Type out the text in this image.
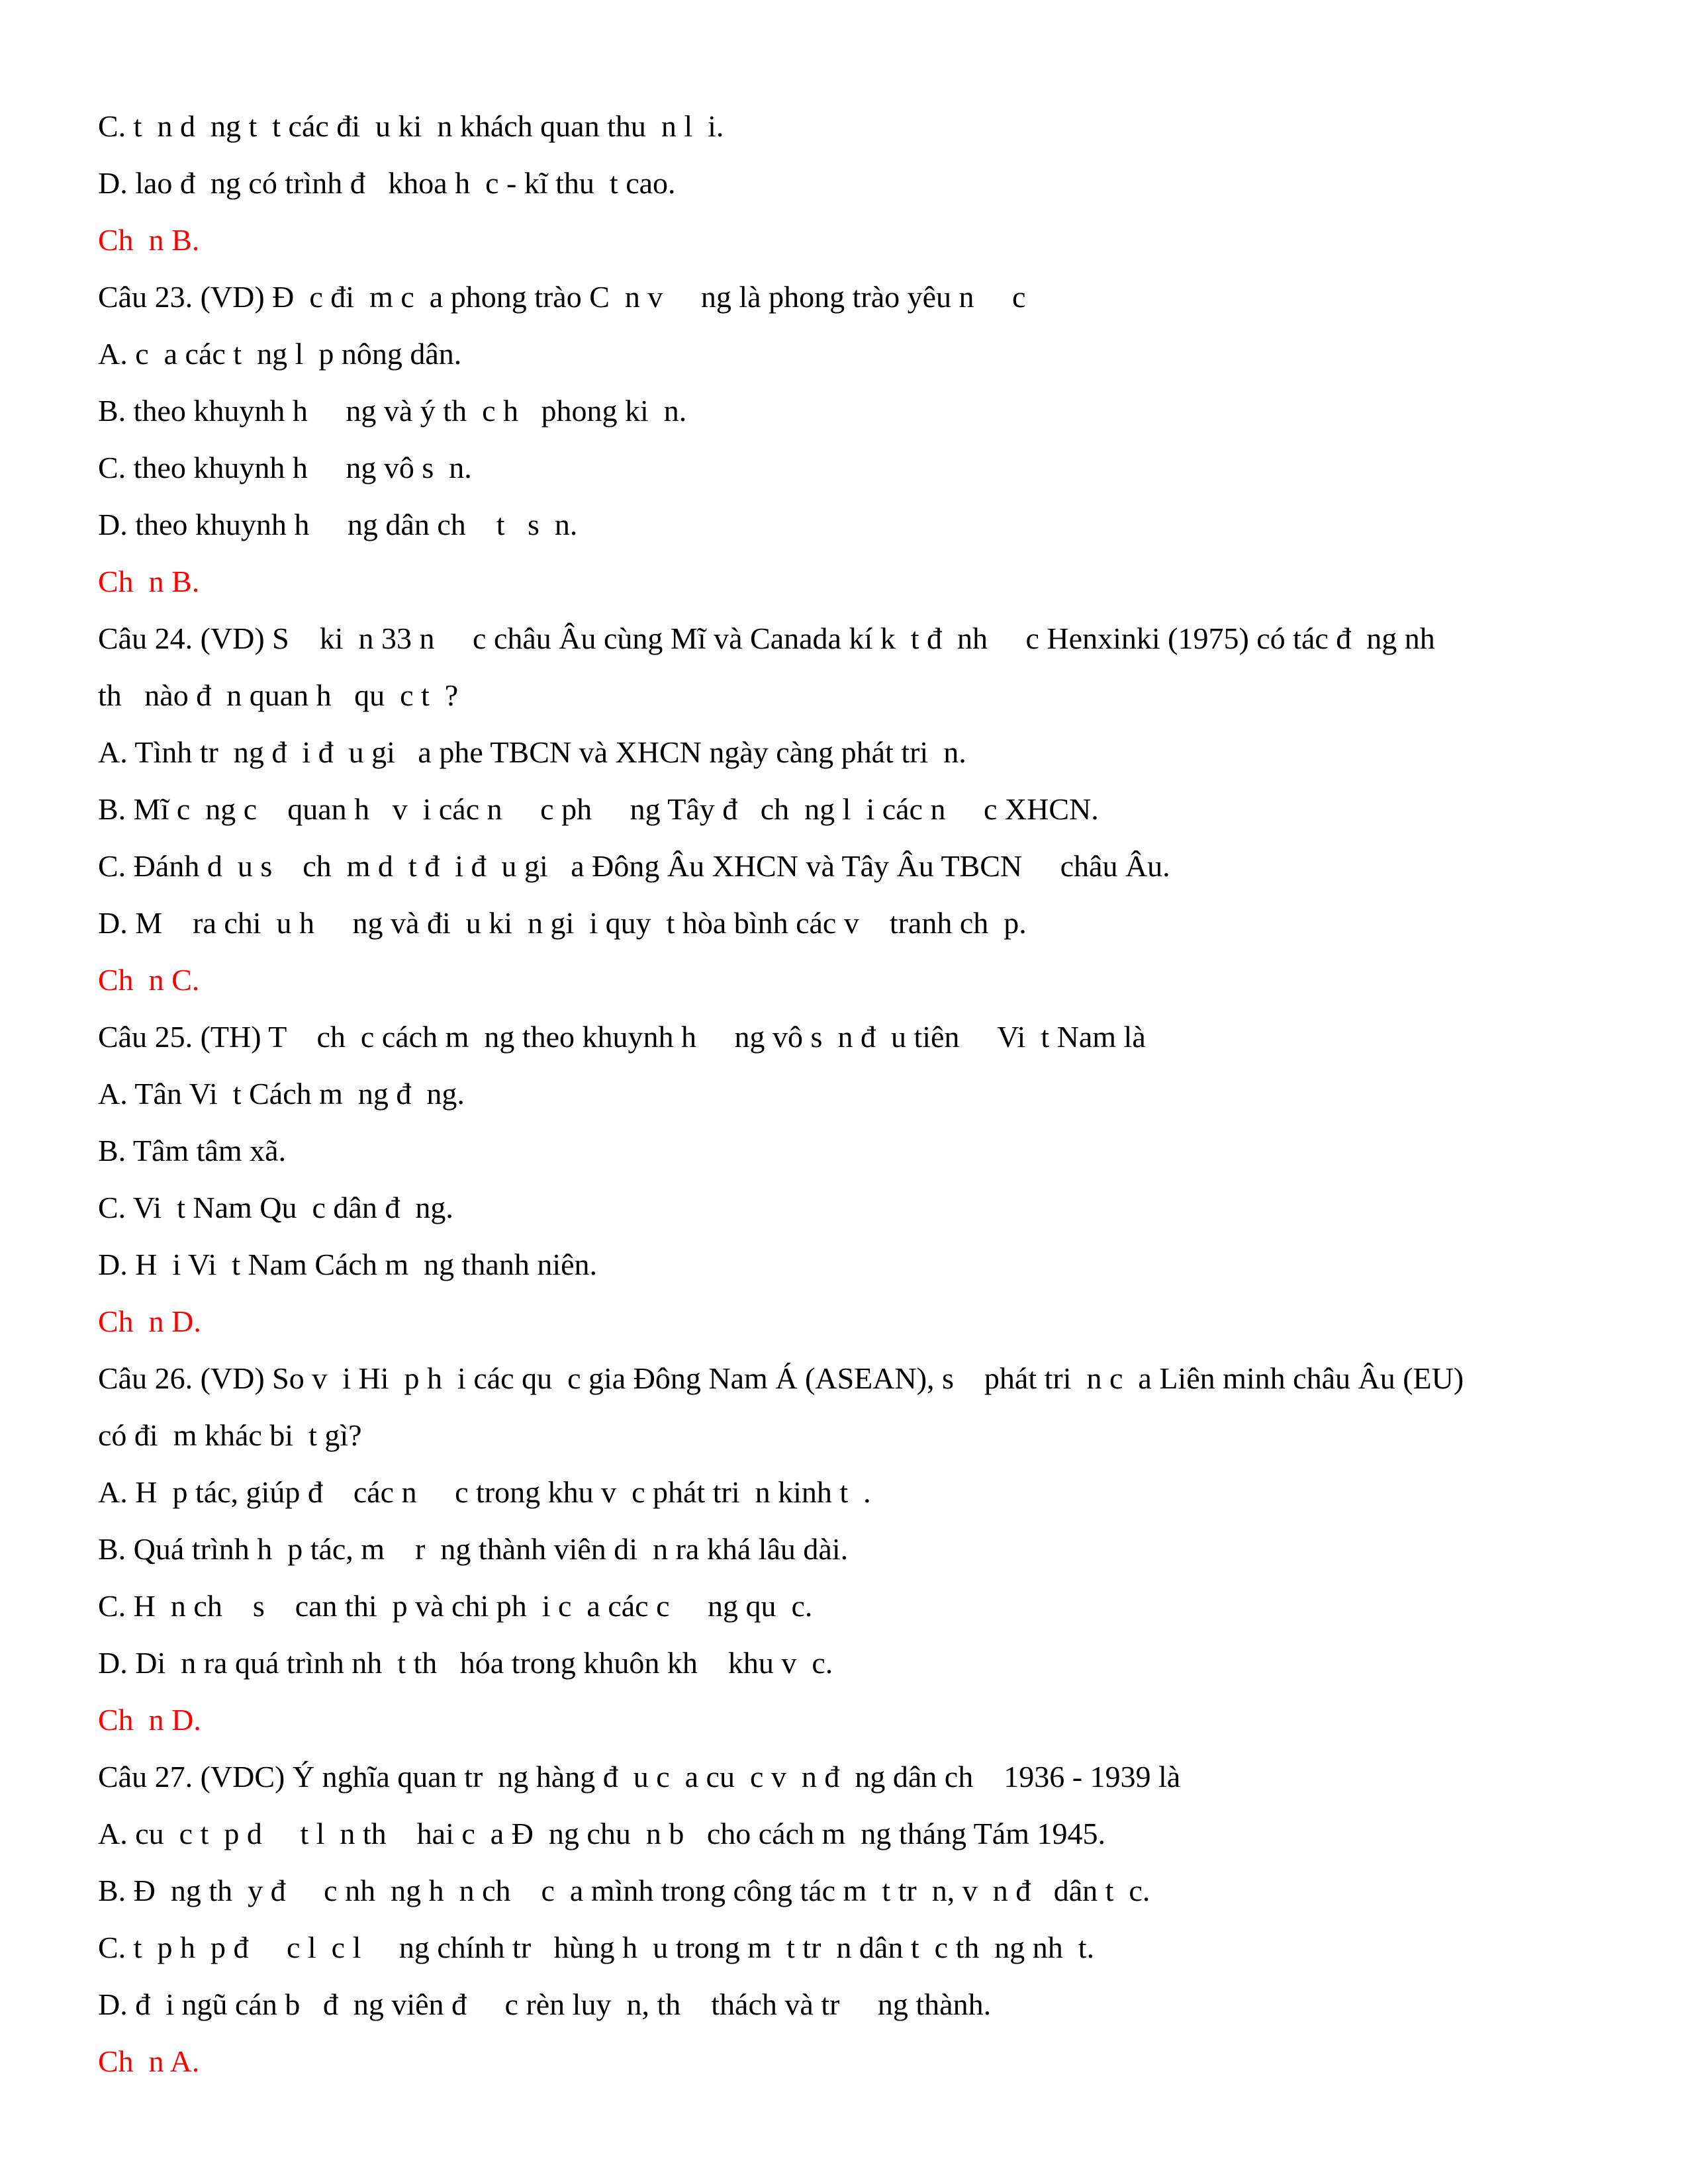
C. t  n d  ng t  t các đi  u ki  n khách quan thu  n l  i.
D. lao đ  ng có trình đ   khoa h  c - kĩ thu  t cao.
Ch  n B.
Câu 23. (VD) Đ  c đi  m c  a phong trào C  n v     ng là phong trào yêu n     c
A. c  a các t  ng l  p nông dân.
B. theo khuynh h     ng và ý th  c h   phong ki  n.
C. theo khuynh h     ng vô s  n.
D. theo khuynh h     ng dân ch    t   s  n.
Ch  n B.
Câu 24. (VD) S    ki  n 33 n     c châu Âu cùng Mĩ và Canada kí k  t đ  nh     c Henxinki (1975) có tác đ  ng nh
th   nào đ  n quan h   qu  c t  ?
A. Tình tr  ng đ  i đ  u gi   a phe TBCN và XHCN ngày càng phát tri  n.
B. Mĩ c  ng c    quan h   v  i các n     c ph     ng Tây đ   ch  ng l  i các n     c XHCN.
C. Đánh d  u s    ch  m d  t đ  i đ  u gi   a Đông Âu XHCN và Tây Âu TBCN     châu Âu.
D. M    ra chi  u h     ng và đi  u ki  n gi  i quy  t hòa bình các v    tranh ch  p.
Ch  n C.
Câu 25. (TH) T    ch  c cách m  ng theo khuynh h     ng vô s  n đ  u tiên     Vi  t Nam là
A. Tân Vi  t Cách m  ng đ  ng.
B. Tâm tâm xã.
C. Vi  t Nam Qu  c dân đ  ng.
D. H  i Vi  t Nam Cách m  ng thanh niên.
Ch  n D.
Câu 26. (VD) So v  i Hi  p h  i các qu  c gia Đông Nam Á (ASEAN), s    phát tri  n c  a Liên minh châu Âu (EU)
có đi  m khác bi  t gì?
A. H  p tác, giúp đ    các n     c trong khu v  c phát tri  n kinh t  .
B. Quá trình h  p tác, m    r  ng thành viên di  n ra khá lâu dài.
C. H  n ch    s    can thi  p và chi ph  i c  a các c     ng qu  c.
D. Di  n ra quá trình nh  t th   hóa trong khuôn kh    khu v  c.
Ch  n D.
Câu 27. (VDC) Ý nghĩa quan tr  ng hàng đ  u c  a cu  c v  n đ  ng dân ch    1936 - 1939 là
A. cu  c t  p d     t l  n th    hai c  a Đ  ng chu  n b   cho cách m  ng tháng Tám 1945.
B. Đ  ng th  y đ     c nh  ng h  n ch    c  a mình trong công tác m  t tr  n, v  n đ   dân t  c.
C. t  p h  p đ     c l  c l     ng chính tr   hùng h  u trong m  t tr  n dân t  c th  ng nh  t.
D. đ  i ngũ cán b   đ  ng viên đ     c rèn luy  n, th    thách và tr     ng thành.
Ch  n A.
